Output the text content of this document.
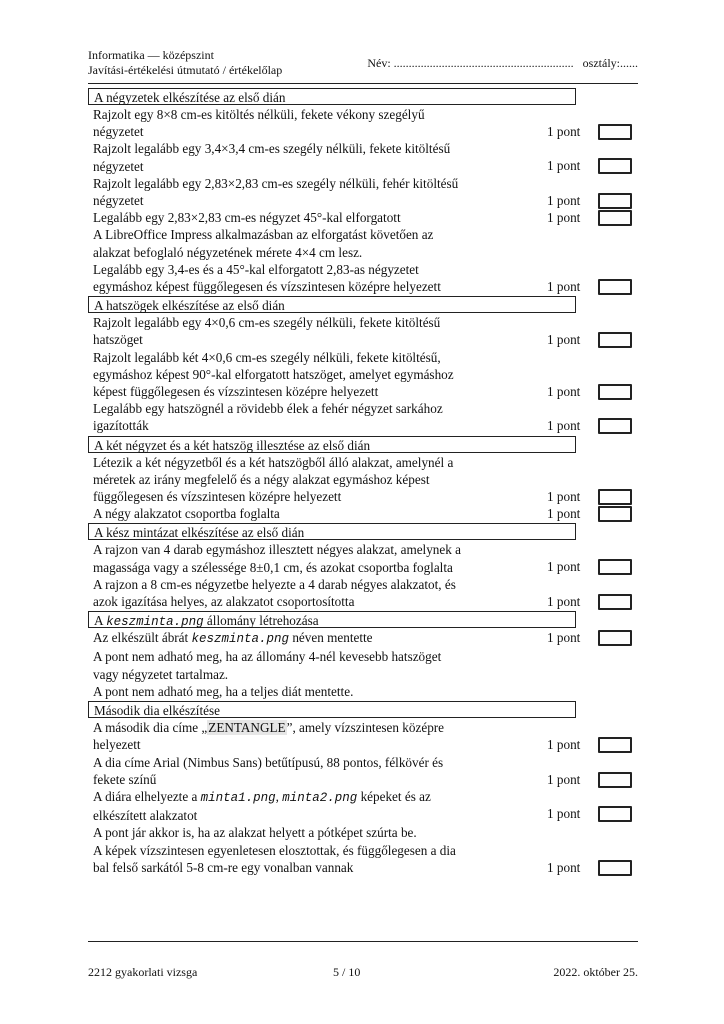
Informatika — középszint
Javítási-értékelési útmutató / értékelőlap	Név: ............................................................ osztály:......
A négyzetek elkészítése az első dián
Rajzolt egy 8×8 cm-es kitöltés nélküli, fekete vékony szegélyű
négyzetet	1 pont
Rajzolt legalább egy 3,4×3,4 cm-es szegély nélküli, fekete kitöltésű
négyzetet	1 pont
Rajzolt legalább egy 2,83×2,83 cm-es szegély nélküli, fehér kitöltésű
négyzetet	1 pont
Legalább egy 2,83×2,83 cm-es négyzet 45°-kal elforgatott	1 pont
A LibreOffice Impress alkalmazásban az elforgatást követően az
alakzat befoglaló négyzetének mérete 4×4 cm lesz.
Legalább egy 3,4-es és a 45°-kal elforgatott 2,83-as négyzetet
egymáshoz képest függőlegesen és vízszintesen középre helyezett	1 pont
A hatszögek elkészítése az első dián
Rajzolt legalább egy 4×0,6 cm-es szegély nélküli, fekete kitöltésű
hatszöget	1 pont
Rajzolt legalább két 4×0,6 cm-es szegély nélküli, fekete kitöltésű,
egymáshoz képest 90°-kal elforgatott hatszöget, amelyet egymáshoz
képest függőlegesen és vízszintesen középre helyezett	1 pont
Legalább egy hatszögnél a rövidebb élek a fehér négyzet sarkához
igazították	1 pont
A két négyzet és a két hatszög illesztése az első dián
Létezik a két négyzetből és a két hatszögből álló alakzat, amelynél a
méretek az irány megfelelő és a négy alakzat egymáshoz képest
függőlegesen és vízszintesen középre helyezett	1 pont
A négy alakzatot csoportba foglalta	1 pont
A kész mintázat elkészítése az első dián
A rajzon van 4 darab egymáshoz illesztett négyes alakzat, amelynek a
magassága vagy a szélessége 8±0,1 cm, és azokat csoportba foglalta	1 pont
A rajzon a 8 cm-es négyzetbe helyezte a 4 darab négyes alakzatot, és
azok igazítása helyes, az alakzatot csoportosította	1 pont
A keszminta.png állomány létrehozása
Az elkészült ábrát keszminta.png néven mentette	1 pont
A pont nem adható meg, ha az állomány 4-nél kevesebb hatszöget
vagy négyzetet tartalmaz.
A pont nem adható meg, ha a teljes diát mentette.
Második dia elkészítése
A második dia címe „ZENTANGLE”, amely vízszintesen középre
helyezett	1 pont
A dia címe Arial (Nimbus Sans) betűtípusú, 88 pontos, félkövér és
fekete színű	1 pont
A diára elhelyezte a minta1.png, minta2.png képeket és az
elkészített alakzatot	1 pont
A pont jár akkor is, ha az alakzat helyett a pótképet szúrta be.
A képek vízszintesen egyenletesen elosztottak, és függőlegesen a dia
bal felső sarkától 5-8 cm-re egy vonalban vannak	1 pont
2212 gyakorlati vizsga	5 / 10	2022. október 25.
